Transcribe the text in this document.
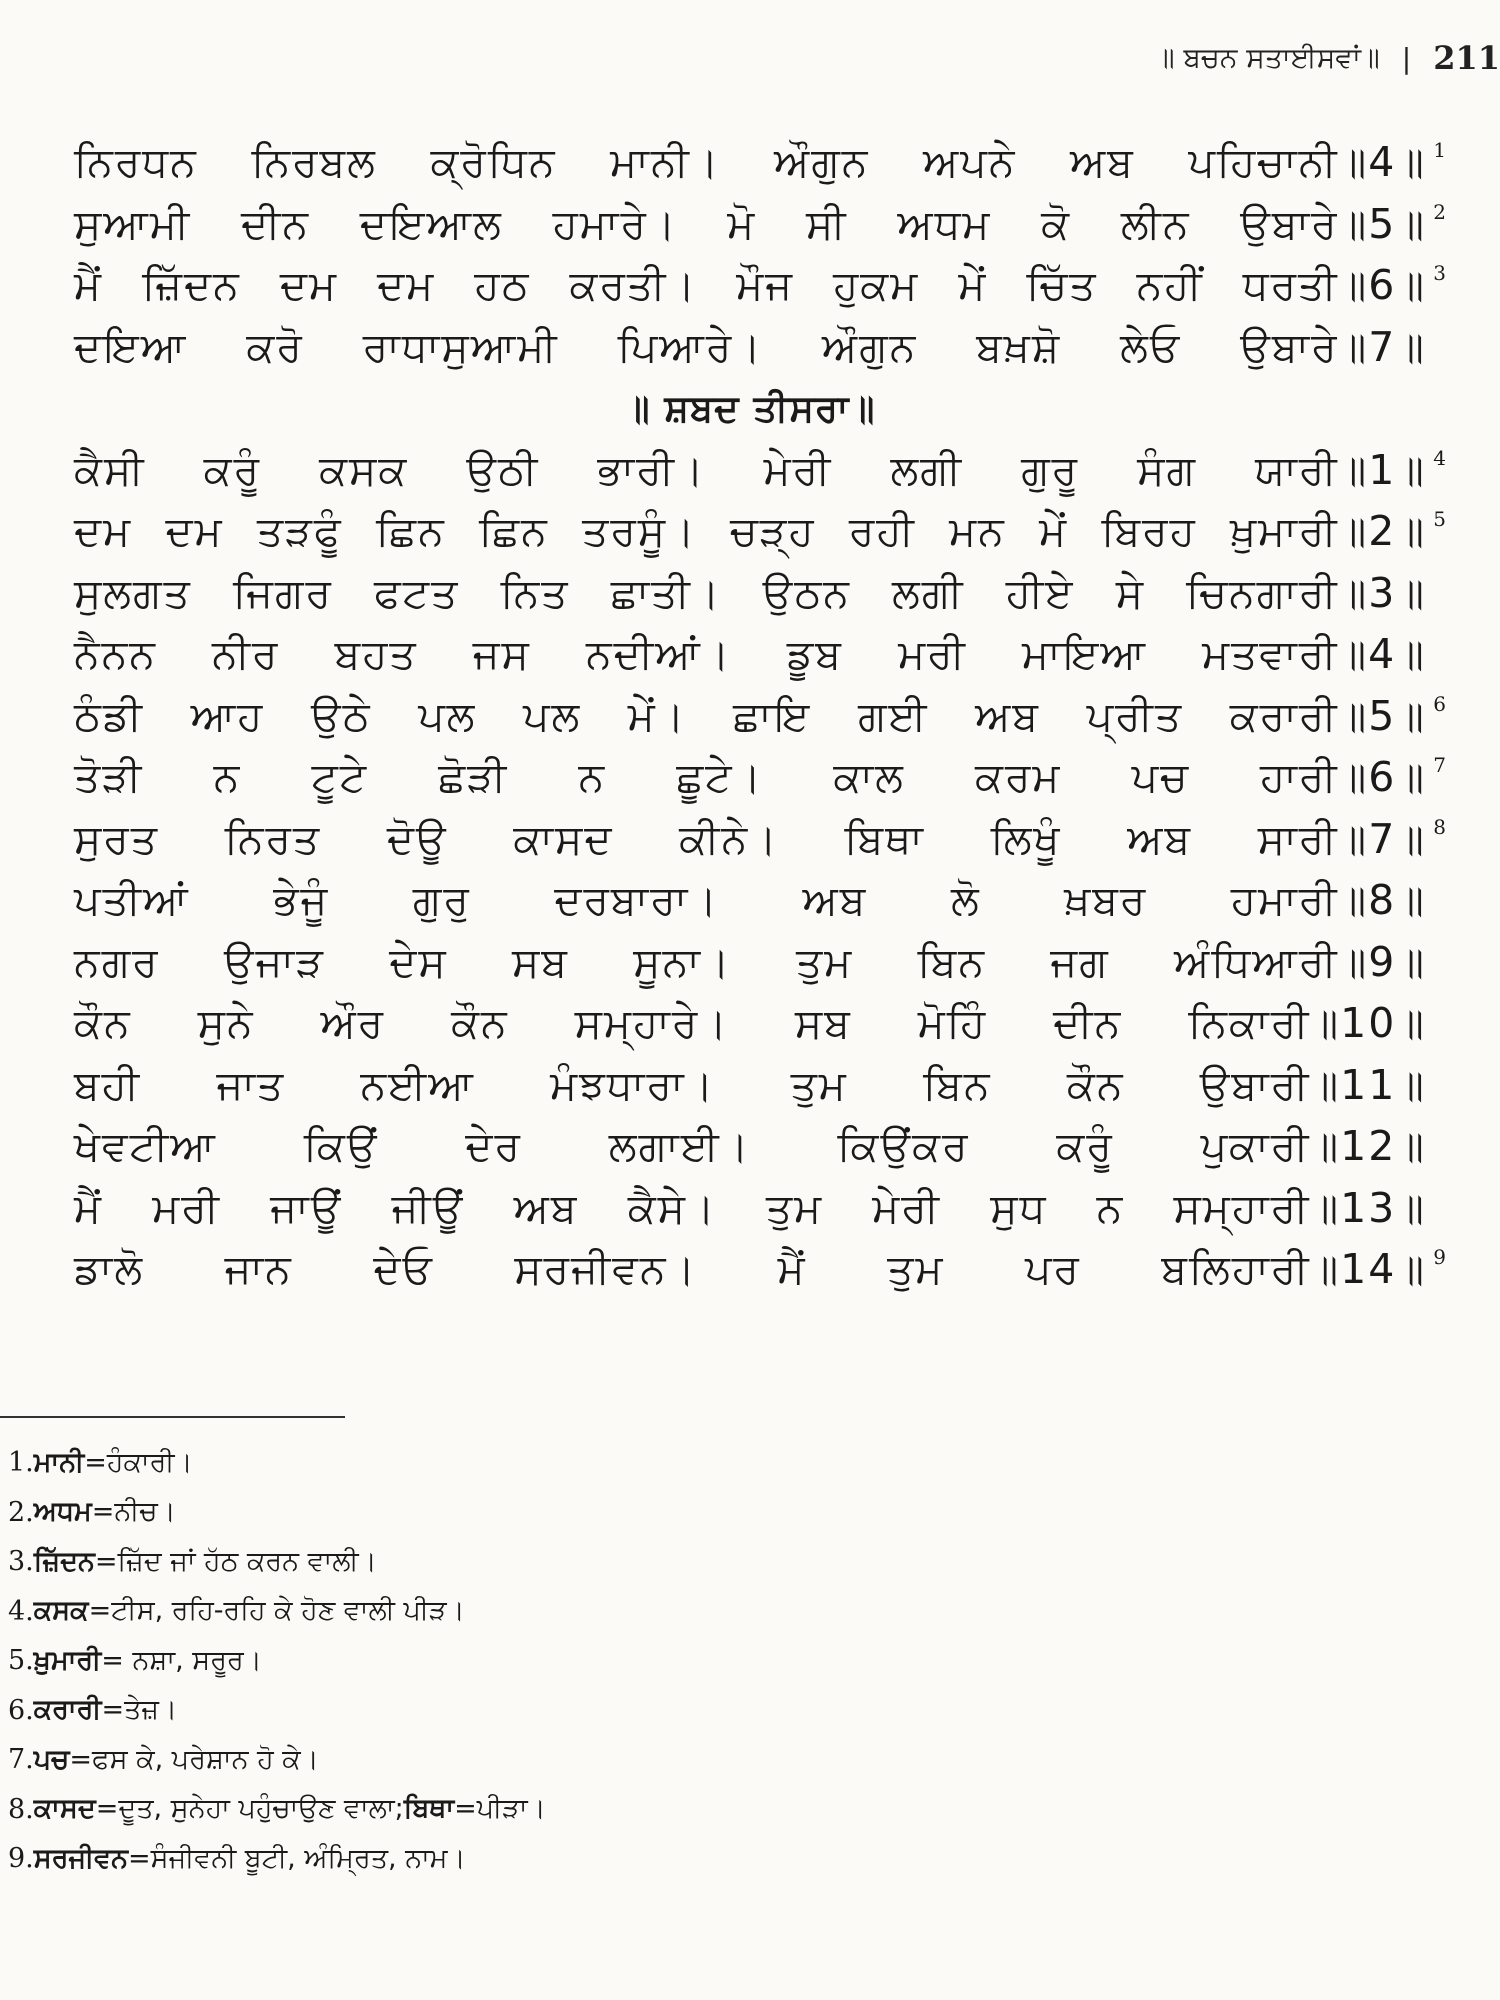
॥ ਬਚਨ ਸਤਾਈਸਵਾਂ॥ | 211
ਨਿਰਧਨ ਨਿਰਬਲ ਕ੍ਰੋਧਿਨ ਮਾਨੀ। ਔਗੁਨ ਅਪਨੇ ਅਬ ਪਹਿਚਾਨੀ॥4॥ 1
ਸੁਆਮੀ ਦੀਨ ਦਇਆਲ ਹਮਾਰੇ। ਮੋ ਸੀ ਅਧਮ ਕੋ ਲੀਨ ਉਬਾਰੇ॥5॥ 2
ਮੈਂ ਜ਼ਿੱਦਨ ਦਮ ਦਮ ਹਠ ਕਰਤੀ। ਮੌਜ ਹੁਕਮ ਮੇਂ ਚਿੱਤ ਨਹੀਂ ਧਰਤੀ॥6॥ 3
ਦਇਆ ਕਰੋ ਰਾਧਾਸੁਆਮੀ ਪਿਆਰੇ। ਔਗੁਨ ਬਖ਼ਸ਼ੋ ਲੇਓ ਉਬਾਰੇ॥7॥
॥ ਸ਼ਬਦ ਤੀਸਰਾ॥
ਕੈਸੀ ਕਰੂੰ ਕਸਕ ਉਠੀ ਭਾਰੀ। ਮੇਰੀ ਲਗੀ ਗੁਰੂ ਸੰਗ ਯਾਰੀ॥1॥ 4
ਦਮ ਦਮ ਤੜਫੂੰ ਛਿਨ ਛਿਨ ਤਰਸੂੰ। ਚੜ੍ਹ ਰਹੀ ਮਨ ਮੇਂ ਬਿਰਹ ਖ਼ੁਮਾਰੀ॥2॥ 5
ਸੁਲਗਤ ਜਿਗਰ ਫਟਤ ਨਿਤ ਛਾਤੀ। ਉਠਨ ਲਗੀ ਹੀਏ ਸੇ ਚਿਨਗਾਰੀ॥3॥
ਨੈਨਨ ਨੀਰ ਬਹਤ ਜਸ ਨਦੀਆਂ। ਡੂਬ ਮਰੀ ਮਾਇਆ ਮਤਵਾਰੀ॥4॥
ਠੰਡੀ ਆਹ ਉਠੇ ਪਲ ਪਲ ਮੇਂ। ਛਾਇ ਗਈ ਅਬ ਪ੍ਰੀਤ ਕਰਾਰੀ॥5॥ 6
ਤੋੜੀ ਨ ਟੂਟੇ ਛੋੜੀ ਨ ਛੂਟੇ। ਕਾਲ ਕਰਮ ਪਚ ਹਾਰੀ॥6॥ 7
ਸੁਰਤ ਨਿਰਤ ਦੋਊ ਕਾਸਦ ਕੀਨੇ। ਬਿਥਾ ਲਿਖੂੰ ਅਬ ਸਾਰੀ॥7॥ 8
ਪਤੀਆਂ ਭੇਜੂੰ ਗੁਰੁ ਦਰਬਾਰਾ। ਅਬ ਲੋ ਖ਼ਬਰ ਹਮਾਰੀ॥8॥
ਨਗਰ ਉਜਾੜ ਦੇਸ ਸਬ ਸੂਨਾ। ਤੁਮ ਬਿਨ ਜਗ ਅੰਧਿਆਰੀ॥9॥
ਕੌਨ ਸੁਨੇ ਔਰ ਕੌਨ ਸਮ੍ਹਾਰੇ। ਸਬ ਮੋਹਿੰ ਦੀਨ ਨਿਕਾਰੀ॥10॥
ਬਹੀ ਜਾਤ ਨਈਆ ਮੰਝਧਾਰਾ। ਤੁਮ ਬਿਨ ਕੌਨ ਉਬਾਰੀ॥11॥
ਖੇਵਟੀਆ ਕਿਉਂ ਦੇਰ ਲਗਾਈ। ਕਿਉਂਕਰ ਕਰੂੰ ਪੁਕਾਰੀ॥12॥
ਮੈਂ ਮਰੀ ਜਾਊਂ ਜੀਊਂ ਅਬ ਕੈਸੇ। ਤੁਮ ਮੇਰੀ ਸੁਧ ਨ ਸਮ੍ਹਾਰੀ॥13॥
ਡਾਲੋ ਜਾਨ ਦੇਓ ਸਰਜੀਵਨ। ਮੈਂ ਤੁਮ ਪਰ ਬਲਿਹਾਰੀ॥14॥ 9
1. ਮਾਨੀ =ਹੰਕਾਰੀ।
2. ਅਧਮ =ਨੀਚ।
3. ਜ਼ਿੱਦਨ =ਜ਼ਿੱਦ ਜਾਂ ਹੱਠ ਕਰਨ ਵਾਲੀ।
4. ਕਸਕ =ਟੀਸ, ਰਹਿ-ਰਹਿ ਕੇ ਹੋਣ ਵਾਲੀ ਪੀੜ।
5. ਖ਼ੁਮਾਰੀ = ਨਸ਼ਾ, ਸਰੂਰ।
6. ਕਰਾਰੀ =ਤੇਜ਼।
7. ਪਚ =ਫਸ ਕੇ, ਪਰੇਸ਼ਾਨ ਹੋ ਕੇ।
8. ਕਾਸਦ =ਦੂਤ, ਸੁਨੇਹਾ ਪਹੁੰਚਾਉਣ ਵਾਲਾ; ਬਿਥਾ =ਪੀੜਾ।
9. ਸਰਜੀਵਨ =ਸੰਜੀਵਨੀ ਬੂਟੀ, ਅੰਮ੍ਰਿਤ, ਨਾਮ।
